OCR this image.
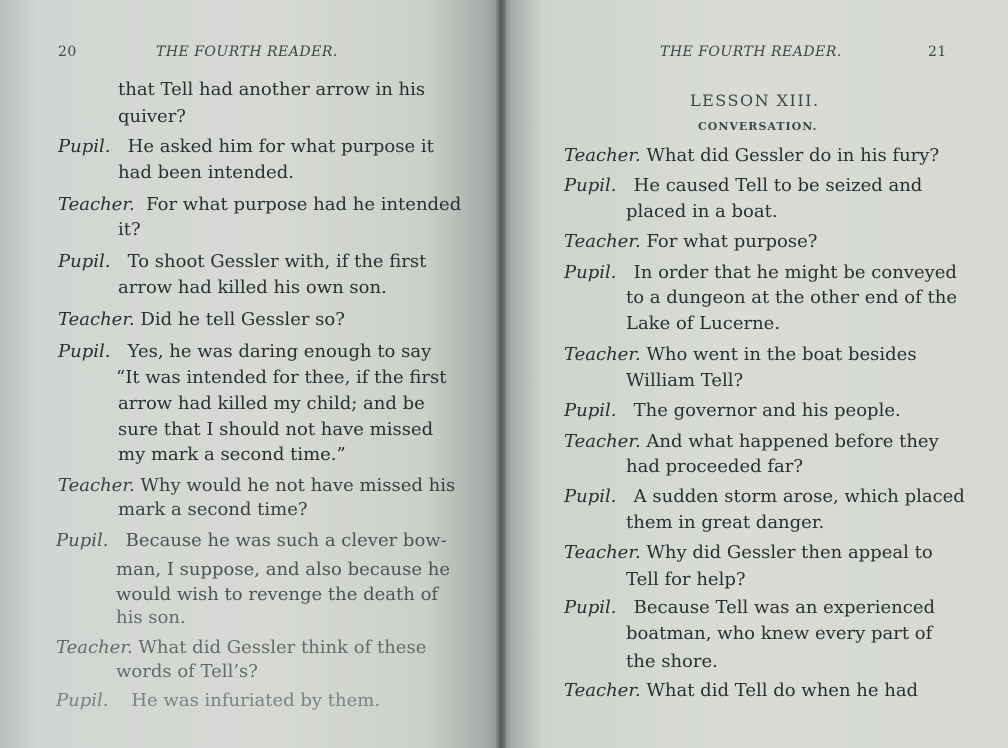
20	THE FOURTH READER.	THE FOURTH READER.	21
LESSON XIII.
CONVERSATION.
that Tell had another arrow in his
quiver?
Pupil. He asked him for what purpose it
had been intended.
Teacher. For what purpose had he intended
it?
Pupil. To shoot Gessler with, if the first
arrow had killed his own son.
Teacher. Did he tell Gessler so?
Pupil. Yes, he was daring enough to say
“It was intended for thee, if the first
arrow had killed my child; and be
sure that I should not have missed
my mark a second time.”
Teacher. Why would he not have missed his
mark a second time?
Pupil. Because he was such a clever bow-
man, I suppose, and also because he
would wish to revenge the death of
his son.
Teacher. What did Gessler think of these
words of Tell’s?
Pupil. He was infuriated by them.
Teacher. What did Gessler do in his fury?
Pupil. He caused Tell to be seized and
placed in a boat.
Teacher. For what purpose?
Pupil. In order that he might be conveyed
to a dungeon at the other end of the
Lake of Lucerne.
Teacher. Who went in the boat besides
William Tell?
Pupil. The governor and his people.
Teacher. And what happened before they
had proceeded far?
Pupil. A sudden storm arose, which placed
them in great danger.
Teacher. Why did Gessler then appeal to
Tell for help?
Pupil. Because Tell was an experienced
boatman, who knew every part of
the shore.
Teacher. What did Tell do when he had
